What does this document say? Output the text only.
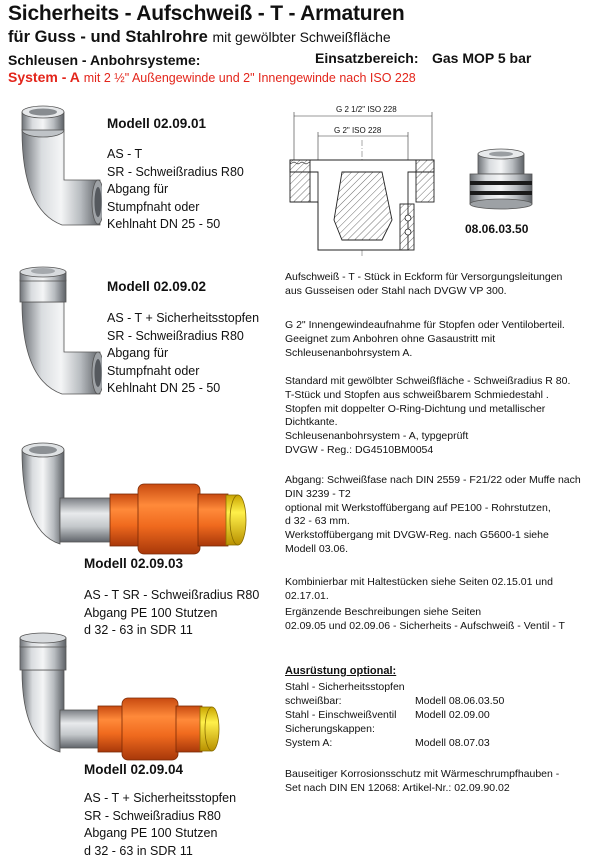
Sicherheits - Aufschweiß - T - Armaturen
für Guss - und Stahlrohre mit gewölbter Schweißfläche
Schleusen - Anbohrsysteme:	Einsatzbereich: Gas MOP 5 bar
System - A mit 2 ½" Außengewinde und 2" Innengewinde nach ISO 228
Modell 02.09.01
AS - T
SR - Schweißradius R80
Abgang für
Stumpfnaht oder
Kehlnaht DN 25 - 50
Modell 02.09.02
AS - T + Sicherheitsstopfen
SR - Schweißradius R80
Abgang für
Stumpfnaht oder
Kehlnaht DN 25 - 50
Modell 02.09.03
AS - T SR - Schweißradius R80
Abgang PE 100 Stutzen
d 32 - 63 in SDR 11
Modell 02.09.04
AS - T + Sicherheitsstopfen
SR - Schweißradius R80
Abgang PE 100 Stutzen
d 32 - 63 in SDR 11
G 2 1/2" ISO 228
G 2" ISO 228
08.06.03.50
Aufschweiß - T - Stück in Eckform für Versorgungsleitungen
aus Gusseisen oder Stahl nach DVGW VP 300.
G 2" Innengewindeaufnahme für Stopfen oder Ventiloberteil.
Geeignet zum Anbohren ohne Gasaustritt mit
Schleusenanbohrsystem A.
Standard mit gewölbter Schweißfläche - Schweißradius R 80.
T-Stück und Stopfen aus schweißbarem Schmiedestahl .
Stopfen mit doppelter O-Ring-Dichtung und metallischer
Dichtkante.
Schleusenanbohrsystem - A, typgeprüft
DVGW - Reg.: DG4510BM0054
Abgang: Schweißfase nach DIN 2559 - F21/22 oder Muffe nach
DIN 3239 - T2
optional mit Werkstoffübergang auf PE100 - Rohrstutzen,
d 32 - 63 mm.
Werkstoffübergang mit DVGW-Reg. nach G5600-1 siehe
Modell 03.06.
Kombinierbar mit Haltestücken siehe Seiten 02.15.01 und
02.17.01.
Ergänzende Beschreibungen siehe Seiten
02.09.05 und 02.09.06 - Sicherheits - Aufschweiß - Ventil - T
Ausrüstung optional:
Stahl - Sicherheitsstopfen	
schweißbar:	Modell 08.06.03.50
Stahl - Einschweißventil	Modell 02.09.00
Sicherungskappen:	
System A:	Modell 08.07.03
Bauseitiger Korrosionsschutz mit Wärmeschrumpfhauben -
Set nach DIN EN 12068: Artikel-Nr.: 02.09.90.02
